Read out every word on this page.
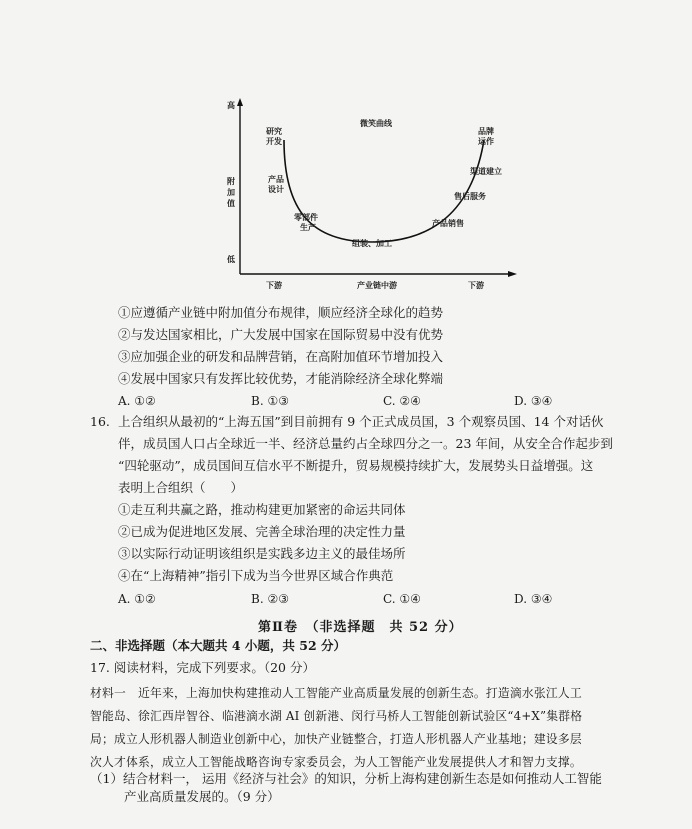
高
附
加
值
低
微笑曲线
研究
开发
产品
设计
零部件
生产
组装、加工
产品销售
售后服务
渠道建立
品牌
运作
下游	产业链中游	下游
①应遵循产业链中附加值分布规律，顺应经济全球化的趋势
②与发达国家相比，广大发展中国家在国际贸易中没有优势
③应加强企业的研发和品牌营销，在高附加值环节增加投入
④发展中国家只有发挥比较优势，才能消除经济全球化弊端
A. ①②	B. ①③	C. ②④	D. ③④
16. 上合组织从最初的“上海五国”到目前拥有 9 个正式成员国，3 个观察员国、14 个对话伙
伴，成员国人口占全球近一半、经济总量约占全球四分之一。23 年间，从安全合作起步到
“四轮驱动”，成员国间互信水平不断提升，贸易规模持续扩大，发展势头日益增强。这
表明上合组织（　　）
①走互利共赢之路，推动构建更加紧密的命运共同体
②已成为促进地区发展、完善全球治理的决定性力量
③以实际行动证明该组织是实践多边主义的最佳场所
④在“上海精神”指引下成为当今世界区域合作典范
A. ①②	B. ②③	C. ①④	D. ③④
第Ⅱ卷　（非选择题　共 52 分）
二、非选择题（本大题共 4 小题，共 52 分）
17. 阅读材料，完成下列要求。（20 分）
材料一　近年来，上海加快构建推动人工智能产业高质量发展的创新生态。打造滴水张江人工
智能岛、徐汇西岸智谷、临港滴水湖 AI 创新港、闵行马桥人工智能创新试验区“4+X”集群格
局；成立人形机器人制造业创新中心，加快产业链整合，打造人形机器人产业基地；建设多层
次人才体系，成立人工智能战略咨询专家委员会，为人工智能产业发展提供人才和智力支撑。
（1）结合材料一， 运用《经济与社会》的知识，分析上海构建创新生态是如何推动人工智能
产业高质量发展的。（9 分）
